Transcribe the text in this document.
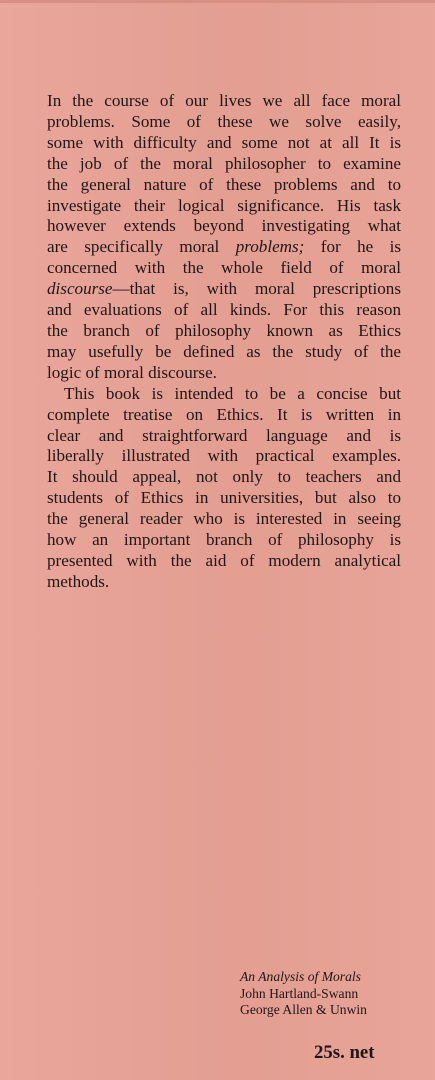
In the course of our lives we all face moral
problems. Some of these we solve easily,
some with difficulty and some not at all It is
the job of the moral philosopher to examine
the general nature of these problems and to
investigate their logical significance. His task
however extends beyond investigating what
are specifically moral problems; for he is
concerned with the whole field of moral
discourse—that is, with moral prescriptions
and evaluations of all kinds. For this reason
the branch of philosophy known as Ethics
may usefully be defined as the study of the
logic of moral discourse.
This book is intended to be a concise but
complete treatise on Ethics. It is written in
clear and straightforward language and is
liberally illustrated with practical examples.
It should appeal, not only to teachers and
students of Ethics in universities, but also to
the general reader who is interested in seeing
how an important branch of philosophy is
presented with the aid of modern analytical
methods.
An Analysis of Morals
John Hartland-Swann
George Allen & Unwin
25s. net
